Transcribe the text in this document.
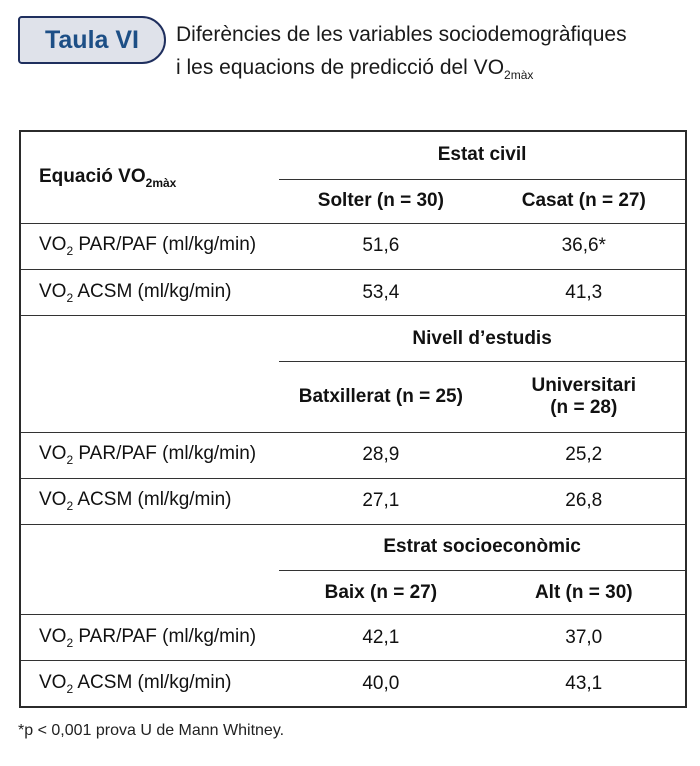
Taula VI	Diferències de les variables sociodemogràfiques
i les equacions de predicció del $VO_{2màx}$
Equació $VO_{2màx}$	Estat civil	
	Solter (n = 30)	Casat (n = 27)
$VO_2$ PAR/PAF (ml/kg/min)	51,6	36,6*
$VO_2$ ACSM (ml/kg/min)	53,4	41,3
	Nivell d’estudis	
	Batxillerat (n = 25)	Universitari
(n = 28)

$VO_2$ PAR/PAF (ml/kg/min)	28,9	25,2
$VO_2$ ACSM (ml/kg/min)	27,1	26,8
	Estrat socioeconòmic	
	Baix (n = 27)	Alt (n = 30)
$VO_2$ PAR/PAF (ml/kg/min)	42,1	37,0
$VO_2$ ACSM (ml/kg/min)	40,0	43,1
*p < 0,001 prova U de Mann Whitney.
